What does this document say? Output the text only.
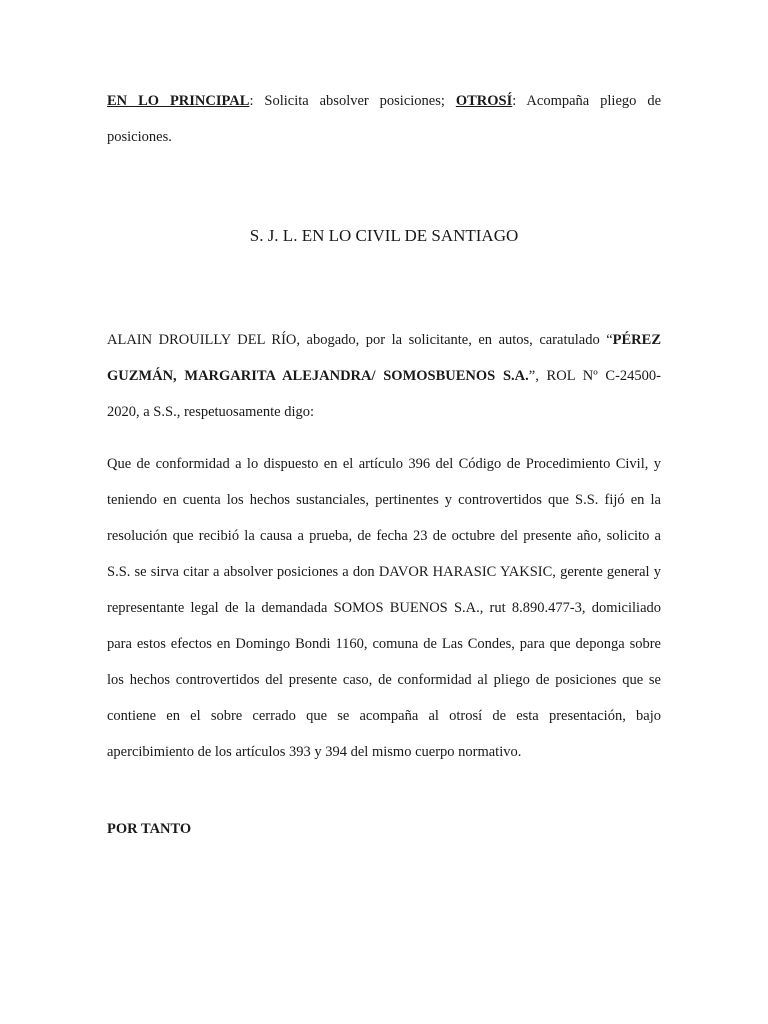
EN LO PRINCIPAL: Solicita absolver posiciones; OTROSÍ: Acompaña pliego de posiciones.

S. J. L. EN LO CIVIL DE SANTIAGO

ALAIN DROUILLY DEL RÍO, abogado, por la solicitante, en autos, caratulado “PÉREZ GUZMÁN, MARGARITA ALEJANDRA/ SOMOSBUENOS S.A.”, ROL Nº C-24500-2020, a S.S., respetuosamente digo:

Que de conformidad a lo dispuesto en el artículo 396 del Código de Procedimiento Civil, y teniendo en cuenta los hechos sustanciales, pertinentes y controvertidos que S.S. fijó en la resolución que recibió la causa a prueba, de fecha 23 de octubre del presente año, solicito a S.S. se sirva citar a absolver posiciones a don DAVOR HARASIC YAKSIC, gerente general y representante legal de la demandada SOMOS BUENOS S.A., rut 8.890.477-3, domiciliado para estos efectos en Domingo Bondi 1160, comuna de Las Condes, para que deponga sobre los hechos controvertidos del presente caso, de conformidad al pliego de posiciones que se contiene en el sobre cerrado que se acompaña al otrosí de esta presentación, bajo apercibimiento de los artículos 393 y 394 del mismo cuerpo normativo.

POR TANTO
